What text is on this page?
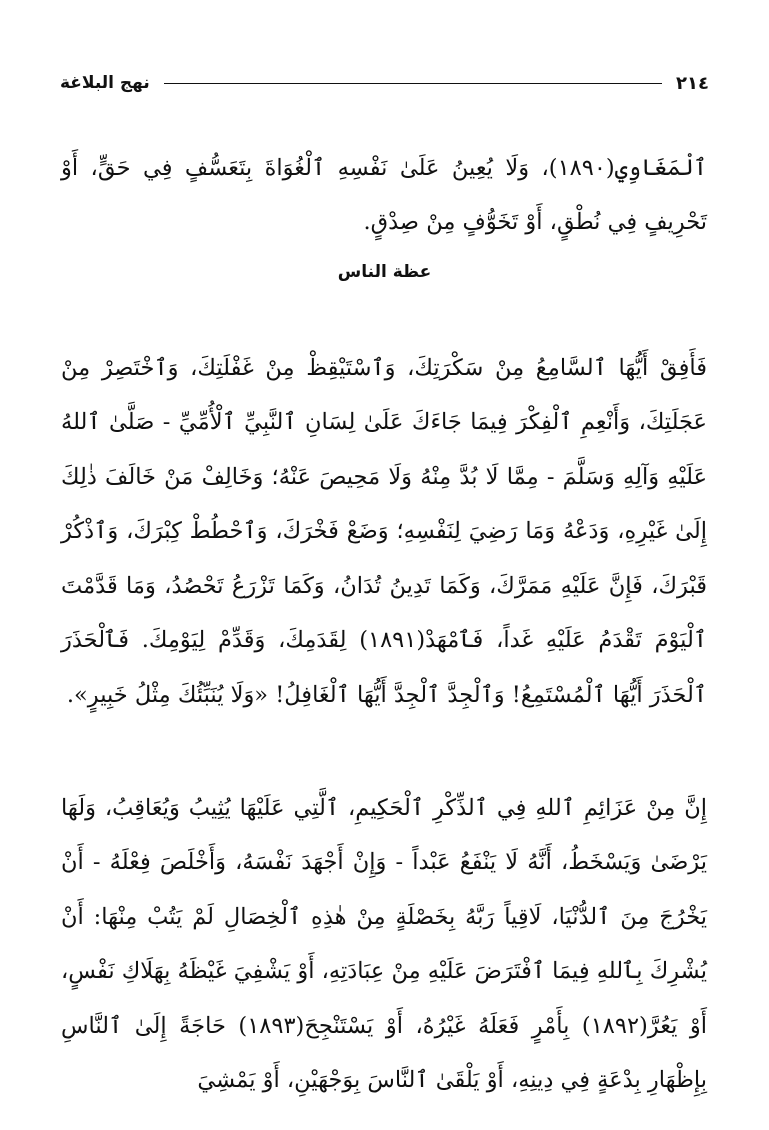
نهج البلاغة	٢١٤

ٱلْمَغَاوِي(١٨٩٠)، وَلَا يُعِينُ عَلَىٰ نَفْسِهِ ٱلْغُوَاةَ بِتَعَسُّفٍ فِي حَقٍّ، أَوْ تَحْرِيفٍ فِي نُطْقٍ، أَوْ تَخَوُّفٍ مِنْ صِدْقٍ.

عظة الناس

فَأَفِقْ أَيُّهَا ٱلسَّامِعُ مِنْ سَكْرَتِكَ، وَٱسْتَيْقِظْ مِنْ غَفْلَتِكَ، وَٱخْتَصِرْ مِنْ عَجَلَتِكَ، وَأَنْعِمِ ٱلْفِكْرَ فِيمَا جَاءَكَ عَلَىٰ لِسَانِ ٱلنَّبِيِّ ٱلْأُمِّيِّ - صَلَّىٰ ٱللهُ عَلَيْهِ وَآلِهِ وَسَلَّمَ - مِمَّا لَا بُدَّ مِنْهُ وَلَا مَحِيصَ عَنْهُ؛ وَخَالِفْ مَنْ خَالَفَ ذٰلِكَ إِلَىٰ غَيْرِهِ، وَدَعْهُ وَمَا رَضِيَ لِنَفْسِهِ؛ وَضَعْ فَخْرَكَ، وَٱحْطُطْ كِبْرَكَ، وَٱذْكُرْ قَبْرَكَ، فَإِنَّ عَلَيْهِ مَمَرَّكَ، وَكَمَا تَدِينُ تُدَانُ، وَكَمَا تَزْرَعُ تَحْصُدُ، وَمَا قَدَّمْتَ ٱلْيَوْمَ تَقْدَمُ عَلَيْهِ غَداً، فَٱمْهَدْ(١٨٩١) لِقَدَمِكَ، وَقَدِّمْ لِيَوْمِكَ. فَٱلْحَذَرَ ٱلْحَذَرَ أَيُّهَا ٱلْمُسْتَمِعُ! وَٱلْجِدَّ ٱلْجِدَّ أَيُّهَا ٱلْغَافِلُ! «وَلَا يُنَبِّئُكَ مِثْلُ خَبِيرٍ».

إِنَّ مِنْ عَزَائِمِ ٱللهِ فِي ٱلذِّكْرِ ٱلْحَكِيمِ، ٱلَّتِي عَلَيْهَا يُثِيبُ وَيُعَاقِبُ، وَلَهَا يَرْضَىٰ وَيَسْخَطُ، أَنَّهُ لَا يَنْفَعُ عَبْداً - وَإِنْ أَجْهَدَ نَفْسَهُ، وَأَخْلَصَ فِعْلَهُ - أَنْ يَخْرُجَ مِنَ ٱلدُّنْيَا، لَاقِياً رَبَّهُ بِخَصْلَةٍ مِنْ هٰذِهِ ٱلْخِصَالِ لَمْ يَتُبْ مِنْهَا: أَنْ يُشْرِكَ بِٱللهِ فِيمَا ٱفْتَرَضَ عَلَيْهِ مِنْ عِبَادَتِهِ، أَوْ يَشْفِيَ غَيْظَهُ بِهَلَاكِ نَفْسٍ، أَوْ يَعُرَّ(١٨٩٢) بِأَمْرٍ فَعَلَهُ غَيْرُهُ، أَوْ يَسْتَنْجِحَ(١٨٩٣) حَاجَةً إِلَىٰ ٱلنَّاسِ بِإِظْهَارِ بِدْعَةٍ فِي دِينِهِ، أَوْ يَلْقَىٰ ٱلنَّاسَ بِوَجْهَيْنِ، أَوْ يَمْشِيَ
